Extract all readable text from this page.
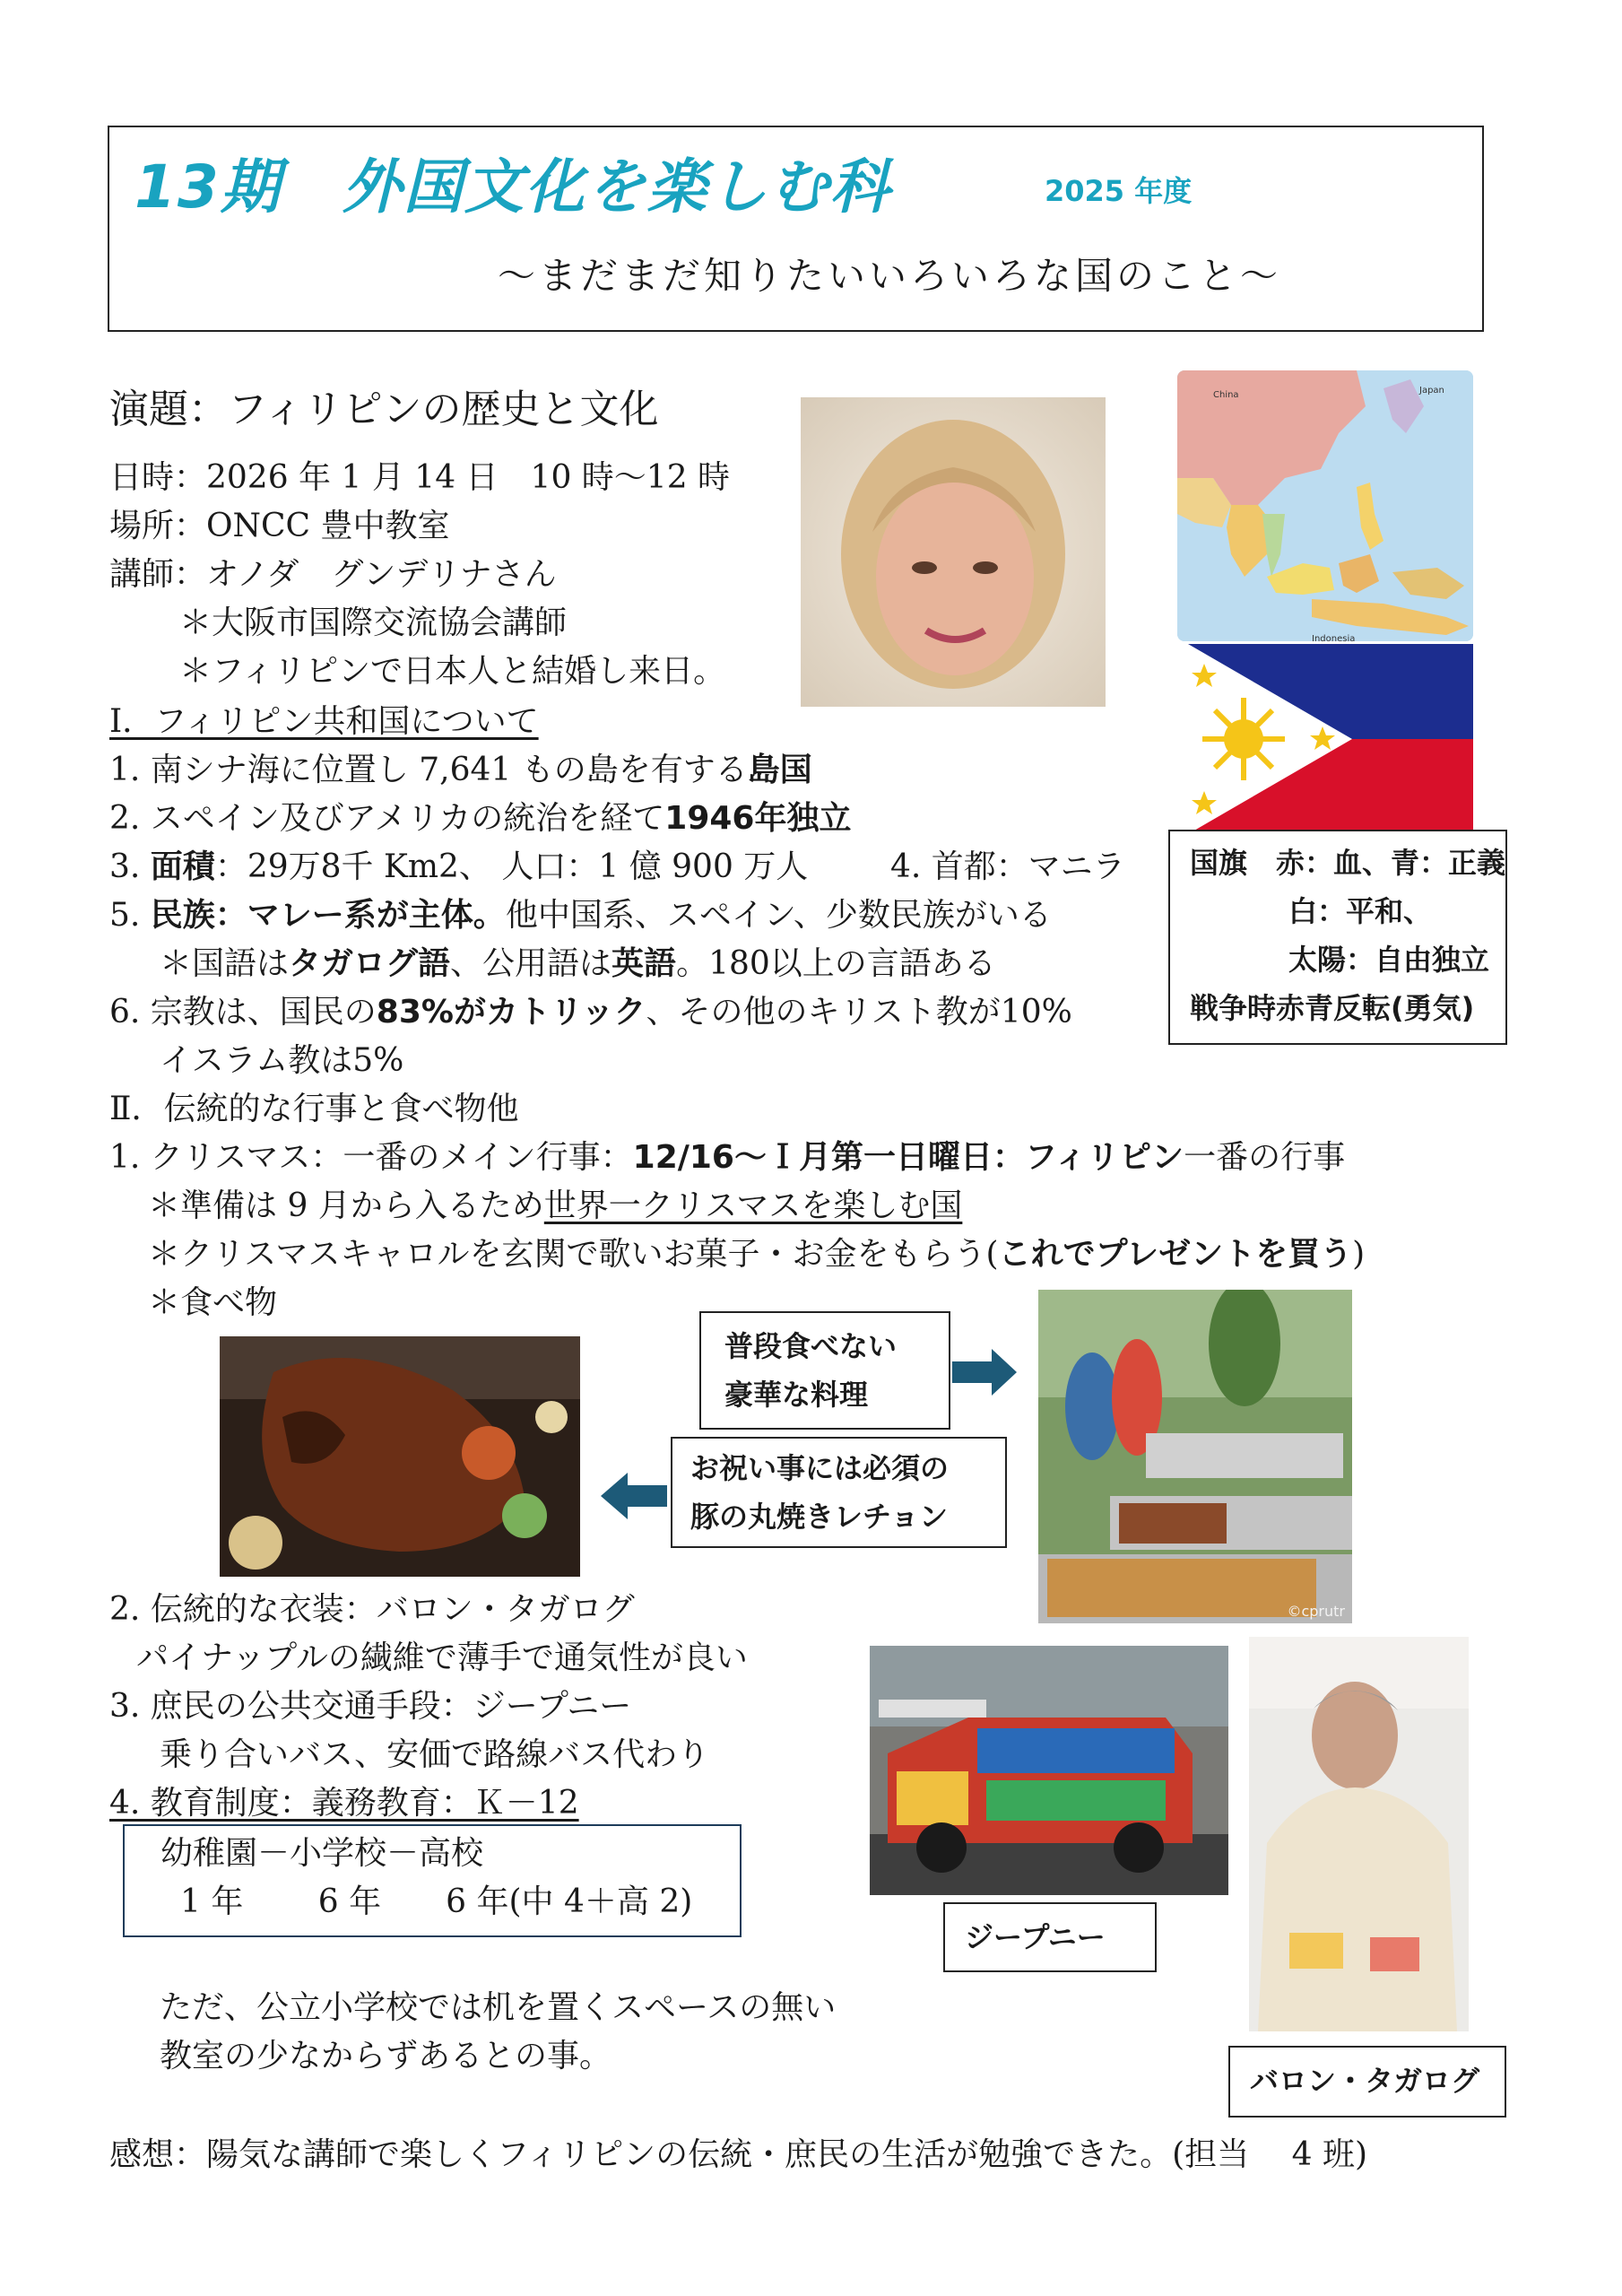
13期　外国文化を楽しむ科	2025 年度
～まだまだ知りたいいろいろな国のこと～
演題：フィリピンの歴史と文化
日時：2026 年 1 月 14 日　10 時～12 時
場所：ONCC 豊中教室
講師：オノダ　グンデリナさん
＊大阪市国際交流協会講師
＊フィリピンで日本人と結婚し来日。
China	Japan
Indonesia
国旗　赤：血、青：正義
白：平和、
太陽：自由独立
戦争時赤青反転(勇気)
Ⅰ．フィリピン共和国について
1. 南シナ海に位置し 7,641 もの島を有する島国
2. スペイン及びアメリカの統治を経て1946年独立
3. 面積：29万8千 Km2、 人口：1 億 900 万人	4. 首都：マニラ
5. 民族：マレー系が主体。他中国系、スペイン、少数民族がいる
＊国語はタガログ語、公用語は英語。180以上の言語ある
6. 宗教は、国民の83%がカトリック、その他のキリスト教が10%
イスラム教は5%
Ⅱ．伝統的な行事と食べ物他
1. クリスマス：一番のメイン行事：12/16～Ｉ月第一日曜日：フィリピン一番の行事
＊準備は 9 月から入るため世界一クリスマスを楽しむ国
＊クリスマスキャロルを玄関で歌いお菓子・お金をもらう(これでプレゼントを買う)
＊食べ物
©cprutr
普段食べない
豪華な料理
お祝い事には必須の
豚の丸焼きレチョン
2. 伝統的な衣装：バロン・タガログ
パイナップルの繊維で薄手で通気性が良い
3. 庶民の公共交通手段：ジープニー
乗り合いバス、安価で路線バス代わり
4. 教育制度：義務教育：Ｋ－12
幼稚園－小学校－高校
1 年　　 6 年　　6 年(中 4＋高 2)
ただ、公立小学校では机を置くスペースの無い
教室の少なからずあるとの事。
ジープニー
バロン・タガログ
感想：陽気な講師で楽しくフィリピンの伝統・庶民の生活が勉強できた。(担当　 4 班)
